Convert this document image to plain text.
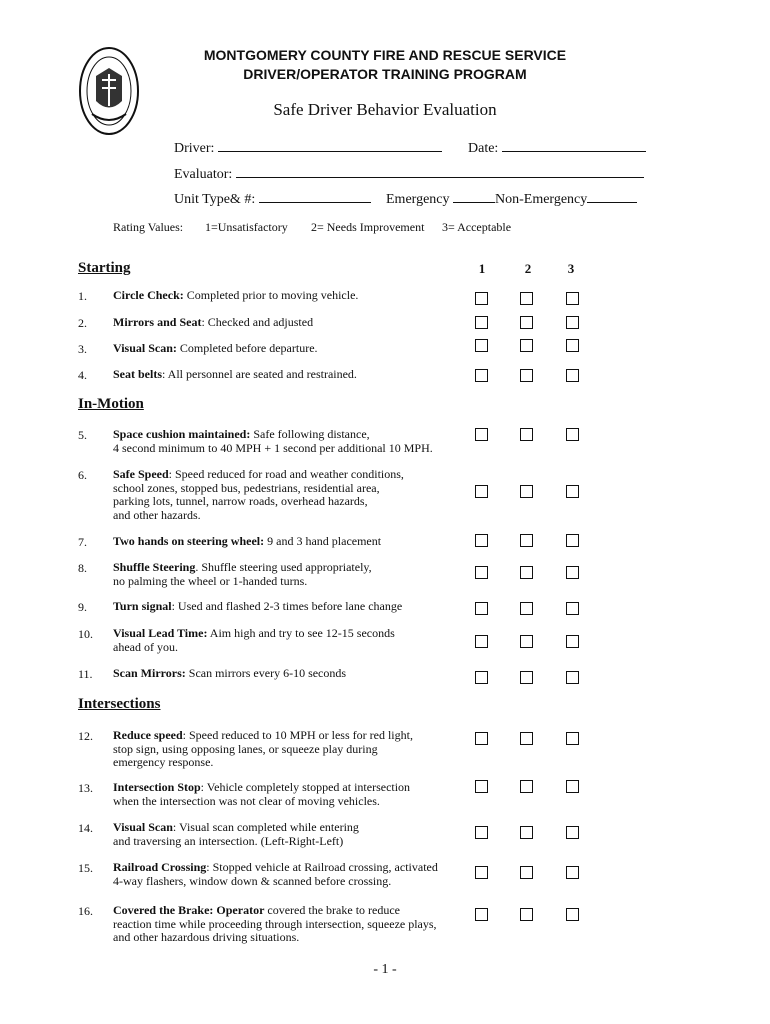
MONTGOMERY COUNTY FIRE AND RESCUE SERVICE
DRIVER/OPERATOR TRAINING PROGRAM
Safe Driver Behavior Evaluation
Driver:	Date:
Evaluator:
Unit Type& #:	Emergency	Non-Emergency
Rating Values: 1=Unsatisfactory 2= Needs Improvement 3= Acceptable
1	2	3
Starting
In-Motion
Intersections
1.	Circle Check: Completed prior to moving vehicle.
2.	Mirrors and Seat: Checked and adjusted
3.	Visual Scan: Completed before departure.
4.	Seat belts: All personnel are seated and restrained.
5.	Space cushion maintained: Safe following distance,
4 second minimum to 40 MPH + 1 second per additional 10 MPH.
6.	Safe Speed: Speed reduced for road and weather conditions,
school zones, stopped bus, pedestrians, residential area,
parking lots, tunnel, narrow roads, overhead hazards,
and other hazards.
7.	Two hands on steering wheel: 9 and 3 hand placement
8.	Shuffle Steering. Shuffle steering used appropriately,
no palming the wheel or 1-handed turns.
9.	Turn signal: Used and flashed 2-3 times before lane change
10.	Visual Lead Time: Aim high and try to see 12-15 seconds
ahead of you.
11.	Scan Mirrors: Scan mirrors every 6-10 seconds
12.	Reduce speed: Speed reduced to 10 MPH or less for red light,
stop sign, using opposing lanes, or squeeze play during
emergency response.
13.	Intersection Stop: Vehicle completely stopped at intersection
when the intersection was not clear of moving vehicles.
14.	Visual Scan: Visual scan completed while entering
and traversing an intersection. (Left-Right-Left)
15.	Railroad Crossing: Stopped vehicle at Railroad crossing, activated
4-way flashers, window down & scanned before crossing.
16.	Covered the Brake: Operator covered the brake to reduce
reaction time while proceeding through intersection, squeeze plays,
and other hazardous driving situations.
- 1 -
